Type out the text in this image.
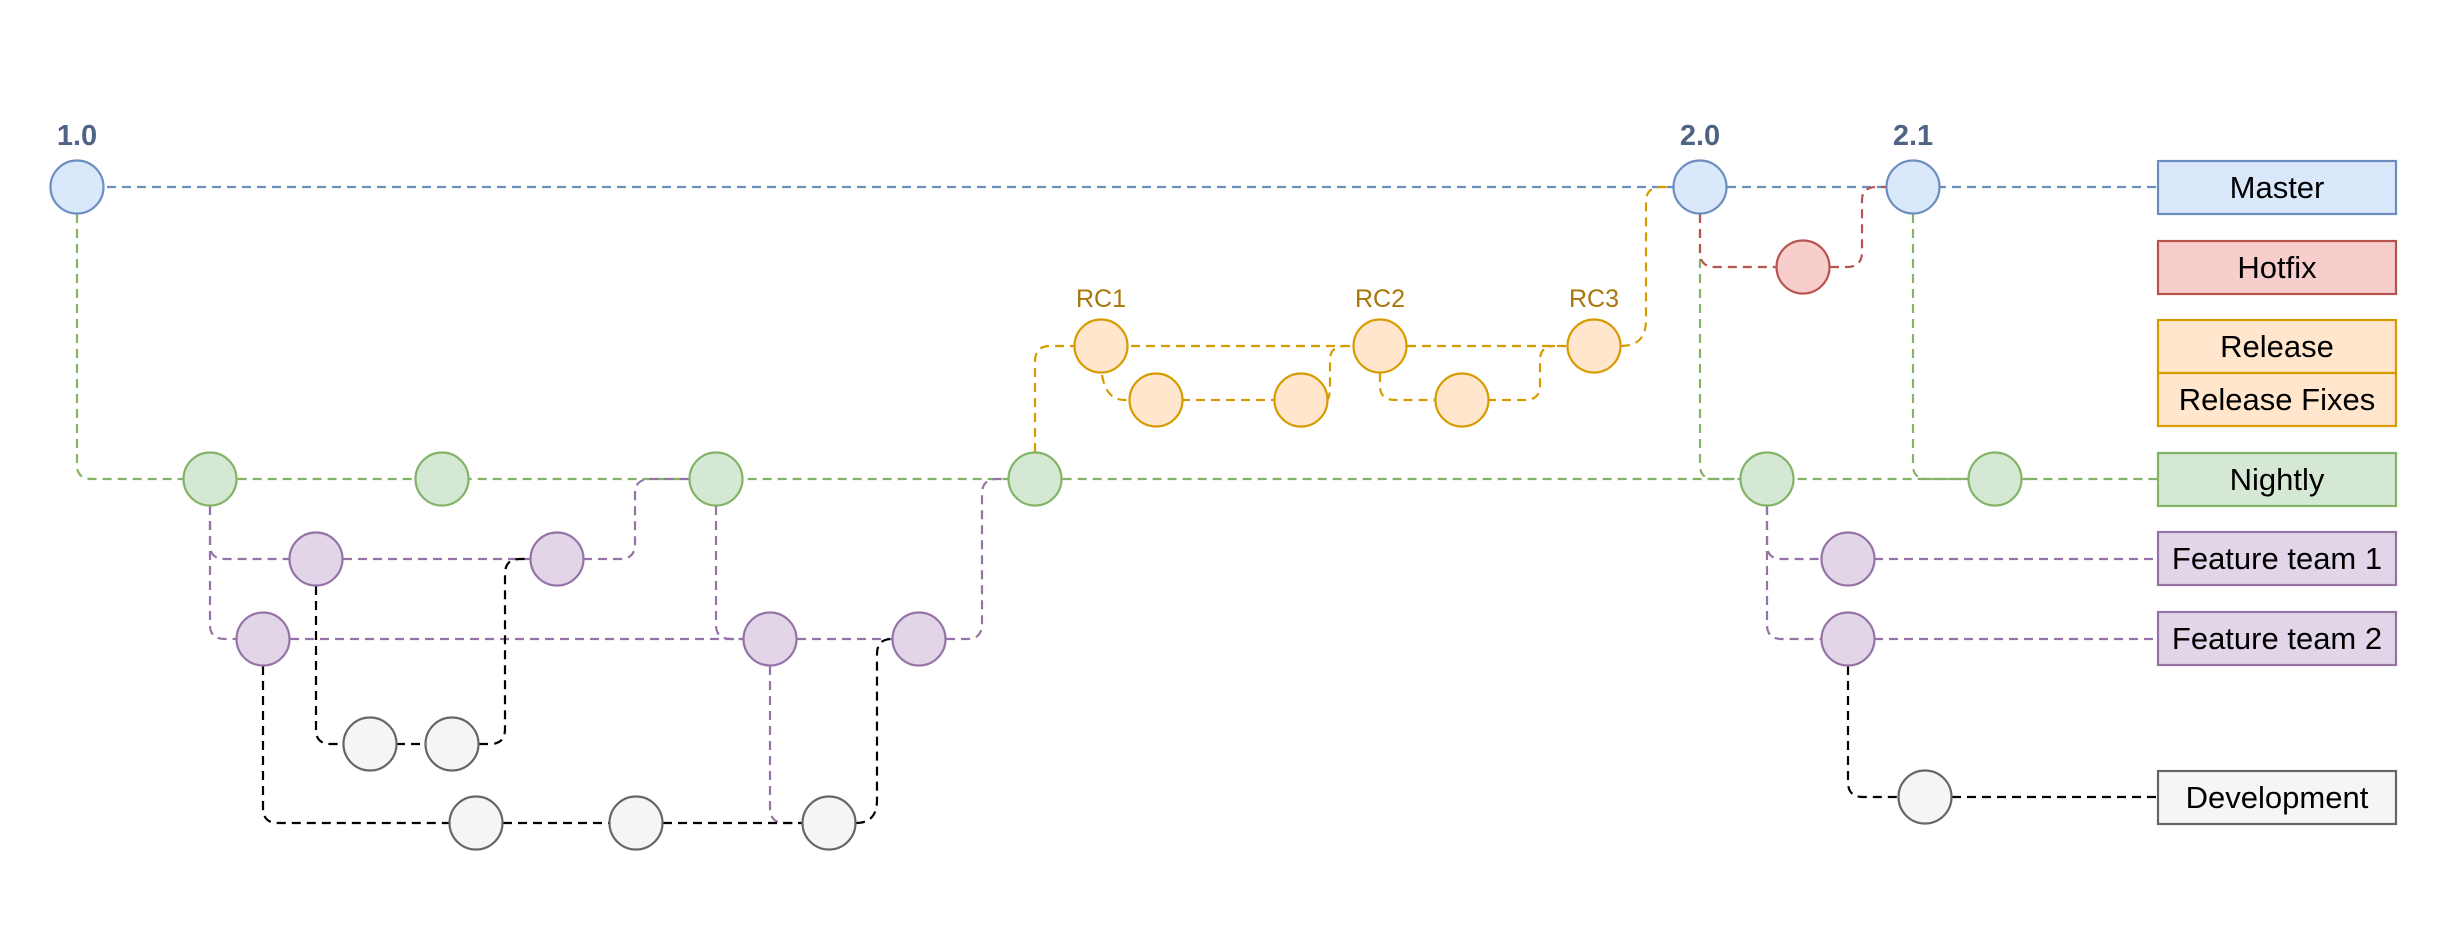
1.0	2.0	2.1
RC1	RC2	RC3
Master
Hotfix
Release
Release Fixes
Nightly
Feature team 1
Feature team 2
Development
